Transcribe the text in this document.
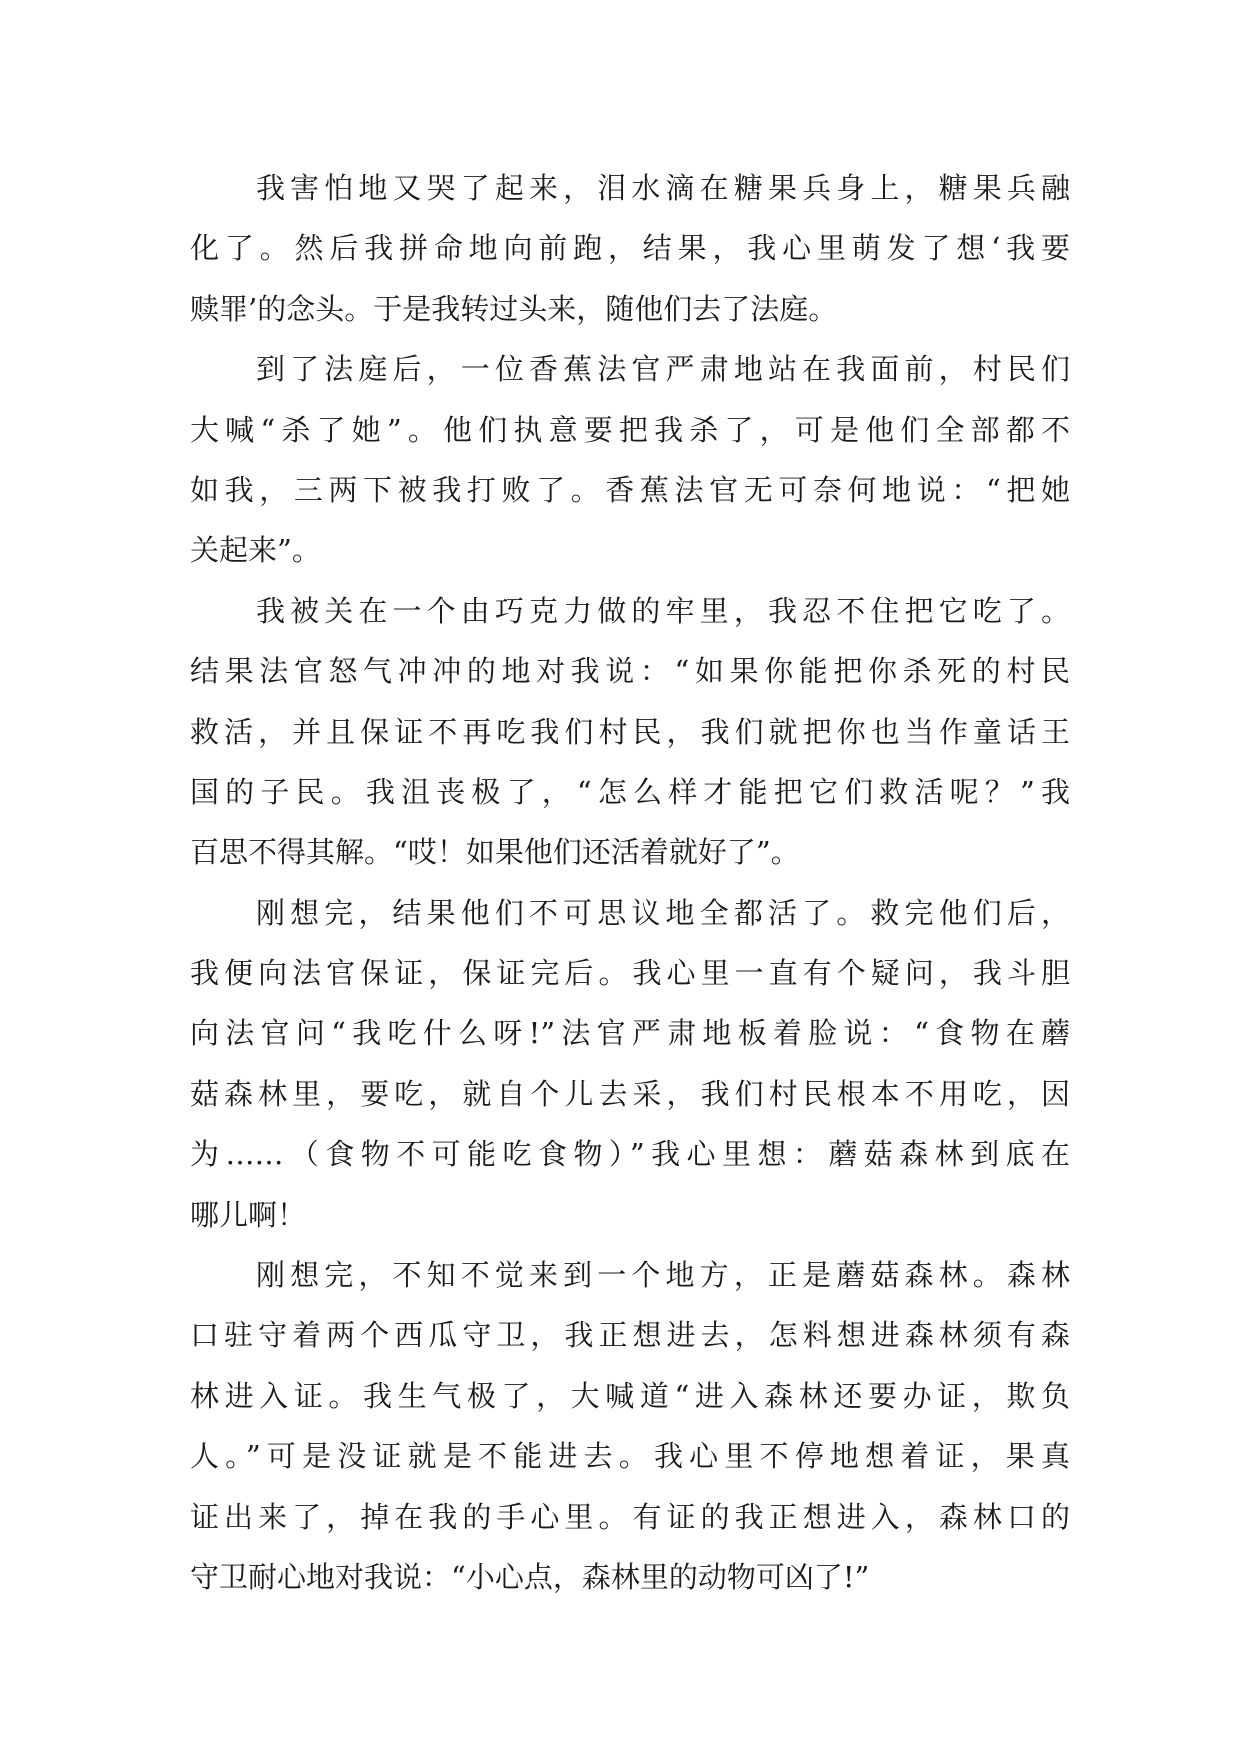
我害怕地又哭了起来，泪水滴在糖果兵身上，糖果兵融
化了。然后我拼命地向前跑，结果，我心里萌发了想‘我要
赎罪’的念头。于是我转过头来，随他们去了法庭。
到了法庭后，一位香蕉法官严肃地站在我面前，村民们
大喊“杀了她”。他们执意要把我杀了，可是他们全部都不
如我，三两下被我打败了。香蕉法官无可奈何地说：“把她
关起来”。
我被关在一个由巧克力做的牢里，我忍不住把它吃了。
结果法官怒气冲冲的地对我说：“如果你能把你杀死的村民
救活，并且保证不再吃我们村民，我们就把你也当作童话王
国的子民。我沮丧极了，“怎么样才能把它们救活呢？”我
百思不得其解。“哎！如果他们还活着就好了”。
刚想完，结果他们不可思议地全都活了。救完他们后，
我便向法官保证，保证完后。我心里一直有个疑问，我斗胆
向法官问“我吃什么呀!”法官严肃地板着脸说：“食物在蘑
菇森林里，要吃，就自个儿去采，我们村民根本不用吃，因
为……（食物不可能吃食物）”我心里想：蘑菇森林到底在
哪儿啊！
刚想完，不知不觉来到一个地方，正是蘑菇森林。森林
口驻守着两个西瓜守卫，我正想进去，怎料想进森林须有森
林进入证。我生气极了，大喊道“进入森林还要办证，欺负
人。”可是没证就是不能进去。我心里不停地想着证，果真
证出来了，掉在我的手心里。有证的我正想进入，森林口的
守卫耐心地对我说：“小心点，森林里的动物可凶了!”
